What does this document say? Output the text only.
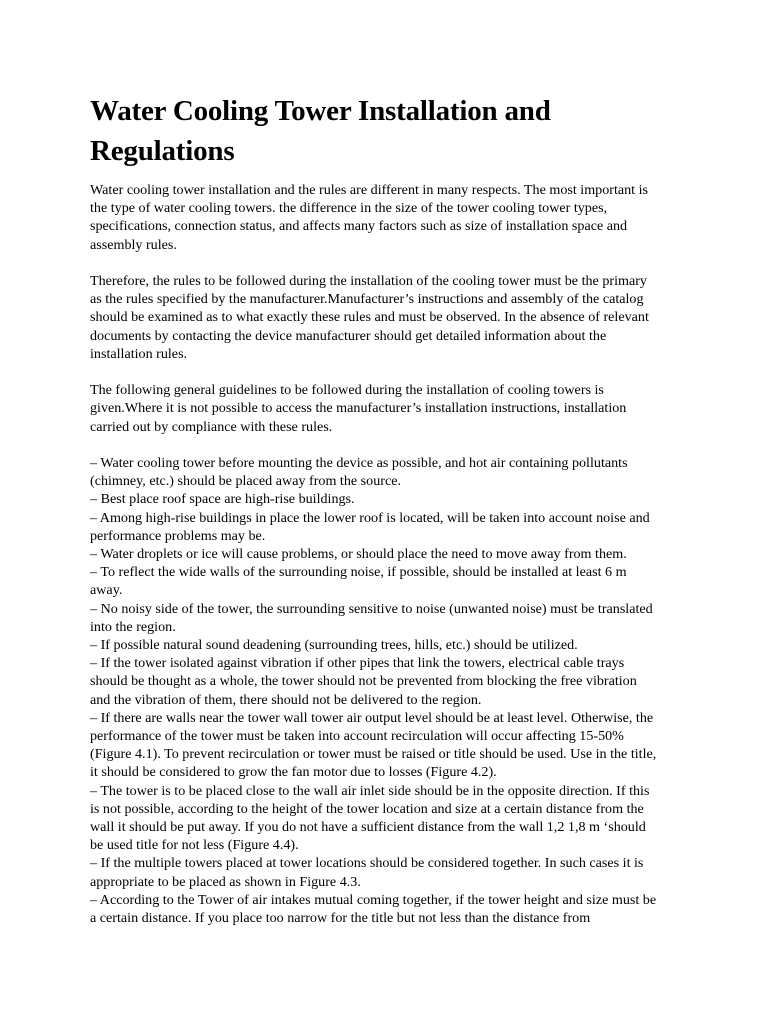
Water Cooling Tower Installation and Regulations

Water cooling tower installation and the rules are different in many respects. The most important is the type of water cooling towers. the difference in the size of the tower cooling tower types, specifications, connection status, and affects many factors such as size of installation space and assembly rules.

Therefore, the rules to be followed during the installation of the cooling tower must be the primary as the rules specified by the manufacturer.Manufacturer’s instructions and assembly of the catalog should be examined as to what exactly these rules and must be observed. In the absence of relevant documents by contacting the device manufacturer should get detailed information about the installation rules.

The following general guidelines to be followed during the installation of cooling towers is given.Where it is not possible to access the manufacturer’s installation instructions, installation carried out by compliance with these rules.

– Water cooling tower before mounting the device as possible, and hot air containing pollutants (chimney, etc.) should be placed away from the source.

– Best place roof space are high-rise buildings.

– Among high-rise buildings in place the lower roof is located, will be taken into account noise and performance problems may be.

– Water droplets or ice will cause problems, or should place the need to move away from them.

– To reflect the wide walls of the surrounding noise, if possible, should be installed at least 6 m away.

– No noisy side of the tower, the surrounding sensitive to noise (unwanted noise) must be translated into the region.

– If possible natural sound deadening (surrounding trees, hills, etc.) should be utilized.

– If the tower isolated against vibration if other pipes that link the towers, electrical cable trays should be thought as a whole, the tower should not be prevented from blocking the free vibration and the vibration of them, there should not be delivered to the region.

– If there are walls near the tower wall tower air output level should be at least level. Otherwise, the performance of the tower must be taken into account recirculation will occur affecting 15-50% (Figure 4.1). To prevent recirculation or tower must be raised or title should be used. Use in the title, it should be considered to grow the fan motor due to losses (Figure 4.2).

– The tower is to be placed close to the wall air inlet side should be in the opposite direction. If this is not possible, according to the height of the tower location and size at a certain distance from the wall it should be put away. If you do not have a sufficient distance from the wall 1,2 1,8 m ‘should be used title for not less (Figure 4.4).

– If the multiple towers placed at tower locations should be considered together. In such cases it is appropriate to be placed as shown in Figure 4.3.

– According to the Tower of air intakes mutual coming together, if the tower height and size must be a certain distance. If you place too narrow for the title but not less than the distance from
